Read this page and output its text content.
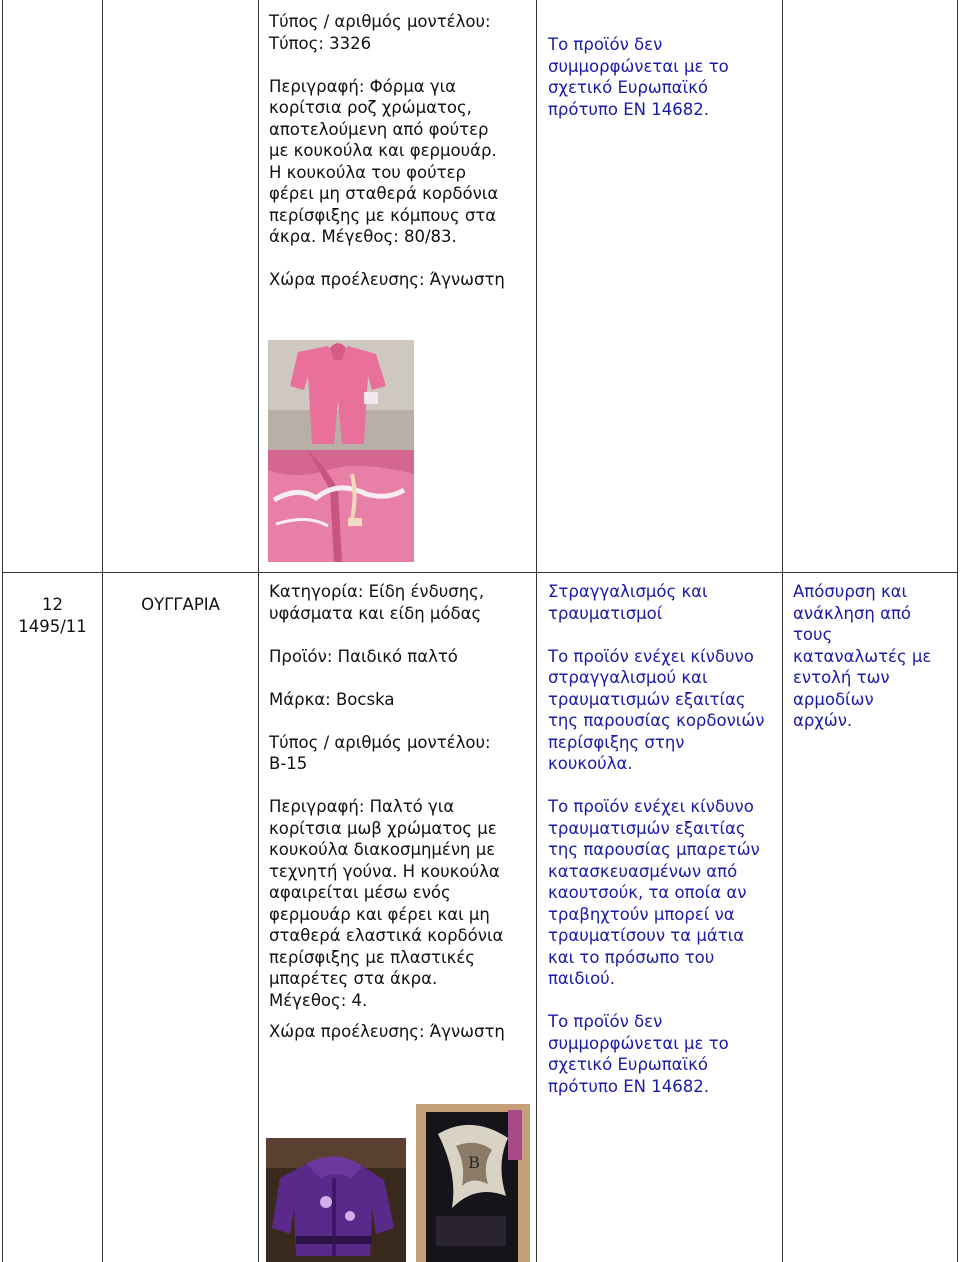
Τύπος / αριθμός μοντέλου:
Τύπος: 3326

Περιγραφή: Φόρμα για
κορίτσια ροζ χρώματος,
αποτελούμενη από φούτερ
με κουκούλα και φερμουάρ.
Η κουκούλα του φούτερ
φέρει μη σταθερά κορδόνια
περίσφιξης με κόμπους στα
άκρα. Μέγεθος: 80/83.

Χώρα προέλευσης: Άγνωστη

Το προϊόν δεν
συμμορφώνεται με το
σχετικό Ευρωπαϊκό
πρότυπο ΕΝ 14682.

12
1495/11
ΟΥΓΓΑΡΙΑ

Κατηγορία: Είδη ένδυσης,
υφάσματα και είδη μόδας

Προϊόν: Παιδικό παλτό

Μάρκα: Bocska

Τύπος / αριθμός μοντέλου:
B-15

Περιγραφή: Παλτό για
κορίτσια μωβ χρώματος με
κουκούλα διακοσμημένη με
τεχνητή γούνα. Η κουκούλα
αφαιρείται μέσω ενός
φερμουάρ και φέρει και μη
σταθερά ελαστικά κορδόνια
περίσφιξης με πλαστικές
μπαρέτες στα άκρα.
Μέγεθος: 4.

Χώρα προέλευσης: Άγνωστη

Στραγγαλισμός και
τραυματισμοί

Το προϊόν ενέχει κίνδυνο
στραγγαλισμού και
τραυματισμών εξαιτίας
της παρουσίας κορδονιών
περίσφιξης στην
κουκούλα.

Το προϊόν ενέχει κίνδυνο
τραυματισμών εξαιτίας
της παρουσίας μπαρετών
κατασκευασμένων από
καουτσούκ, τα οποία αν
τραβηχτούν μπορεί να
τραυματίσουν τα μάτια
και το πρόσωπο του
παιδιού.

Το προϊόν δεν
συμμορφώνεται με το
σχετικό Ευρωπαϊκό
πρότυπο ΕΝ 14682.

Απόσυρση και
ανάκληση από
τους
καταναλωτές με
εντολή των
αρμοδίων
αρχών.

B
